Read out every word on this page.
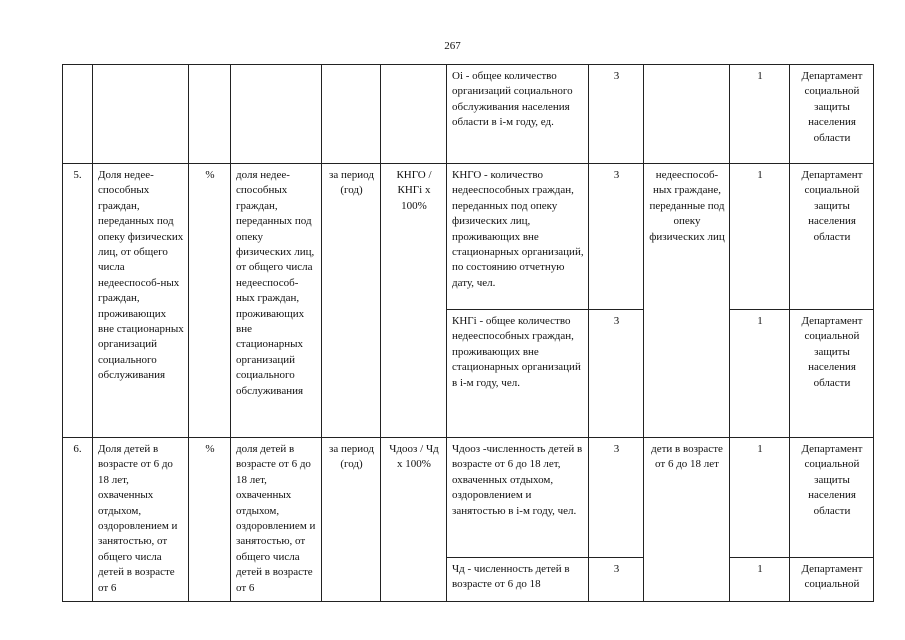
267
						Оi - общее количество организаций социального обслуживания населения области в i-м году, ед.	3		1	Департамент социальной защиты населения области
5.	Доля недее-способных граждан, переданных под опеку физических лиц, от общего числа недееспособ-ных граждан, проживающих вне стационарных организаций социального обслуживания	%	доля недее-способных граждан, переданных под опеку физических лиц, от общего числа недееспособ-ных граждан, проживающих вне стационарных организаций социального обслуживания	за период (год)	КНГО / КНГi х 100%	КНГО - количество недееспособных граждан, переданных под опеку физических лиц, проживающих вне стационарных организаций, по состоянию отчетную дату, чел.	3	недееспособ-ных граждане, переданные под опеку физических лиц	1	Департамент социальной защиты населения области
						КНГi - общее количество недееспособных граждан, проживающих вне стационарных организаций в i-м году, чел.	3		1	Департамент социальной защиты населения области
6.	Доля детей в возрасте от 6 до 18 лет, охваченных отдыхом, оздоровлением и занятостью, от общего числа детей в возрасте от 6	%	доля детей в возрасте от 6 до 18 лет, охваченных отдыхом, оздоровлением и занятостью, от общего числа детей в возрасте от 6	за период (год)	Чдоoз / Чд х 100%	Чдооз -численность детей в возрасте от 6 до 18 лет, охваченных отдыхом, оздоровлением и занятостью в i-м году, чел.	3	дети в возрасте от 6 до 18 лет	1	Департамент социальной защиты населения области
						Чд - численность детей в возрасте от 6 до 18	3		1	Департамент социальной
